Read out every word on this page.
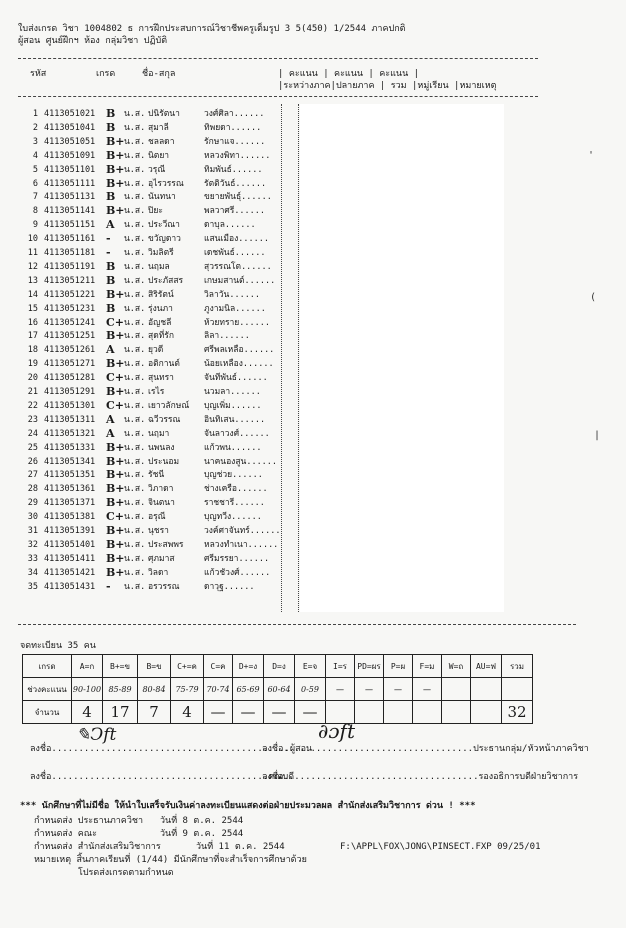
ใบส่งเกรด วิชา 1004802 ธ การฝึกประสบการณ์วิชาชีพครูเต็มรูป 3 5(450) 1/2544 ภาคปกติ
ผู้สอน ศูนย์ฝึกฯ ห้อง กลุ่มวิชา ปฏิบัติ
รหัส	เกรด	ชื่อ-สกุล	| คะแนน | คะแนน | คะแนน |
|ระหว่างภาค|ปลายภาค | รวม |หมู่เรียน |หมายเหตุ
1 4113051021 B น.ส. ปนิรัตนา	วงศ์ศิลา......
2 4113051041 B น.ส. สุมาลี	ทิพยดา......
3 4113051051 B+ น.ส. ชลลดา	รักษาแจ......
4 4113051091 B+ น.ส. นิตยา	หลวงพิทา......
5 4113051101 B+ น.ส. วรุณี	ทิมพันธ์......
6 4113051111 B+ น.ส. อุไรวรรณ รัตติวันธ์......
7 4113051131 B น.ส. นันทนา	ขยายพันธุ์......
8 4113051141 B+ น.ส. ปิยะ	พลวาศรี......
9 4113051151 A น.ส. ประวีณา	ดาบุล......
10 4113051161 - น.ส. ขวัญดาว	แสนเมือง......
11 4113051181 - น.ส. วิมลิตรี	เดชพันธ์......
12 4113051191 B น.ส. นฤมล	สุวรรณโต......
13 4113051211 B น.ส. ประภัสสร เกษมสานต์......
14 4113051221 B+ น.ส. สิริรัตน์	วิลาวัน......
15 4113051231 B น.ส. รุ่งนภา	ภูงามนิล......
16 4113051241 C+ น.ส. อัญชลี	ห้วยทราย......
17 4113051251 B+ น.ส. สุดที่รัก	ลิลา......
18 4113051261 A น.ส. ยุวดี	ศรีพลเหลือ......
19 4113051271 B+ น.ส. อติกานต์	น้อยเหลือง......
20 4113051281 C+ น.ส. สุนทรา	จันทีพันธ์......
21 4113051291 B+ น.ส. เรไร	นวมลา......
22 4113051301 C+ น.ส. เยาวลักษณ์ บุญเพิ่ม......
23 4113051311 A น.ส. ฉวีวรรณ	อินทิเสน......
24 4113051321 A น.ส. นฤมา	จันลาวงศ์......
25 4113051331 B+ น.ส. นพนลง	แก้วพน......
26 4113051341 B+ น.ส. ประนอม	นาคนองสูน......
27 4113051351 B+ น.ส. รัชนี	บุญช่วย......
28 4113051361 B+ น.ส. วิภาดา	ช่างเครือ......
29 4113051371 B+ น.ส. จินตนา	ราชชารี......
30 4113051381 C+ น.ส. อรุณี	บุญทวีง......
31 4113051391 B+ น.ส. นุชรา	วงค์ศาจันทร์......
32 4113051401 B+ น.ส. ประสพพร หลวงทำเนา......
33 4113051411 B+ น.ส. ศุภมาส	ศรีมรรยา......
34 4113051421 B+ น.ส. วิลดา	แก้วชัวงศ์......
35 4113051431 - น.ส. อรวรรณ	ดาวุฐ......
จดทะเบียน 35 คน
เกรด	A=ก	B+=ข	B=ข	C+=ค	C=ค	D+=ง	D=ง	E=จ	I=ร	PD=ผร	P=ผ	F=ม	W=ถ	AU=ฟ	รวม
ช่วงคะแนน	90-100	85-89	80-84	75-79	70-74	65-69	60-64	0-59	—	—	—	—			
จำนวน	4	17	7	4	—	—	—	—							32
ลงชื่อ............................................ผู้สอน
✎Ͻ𝑓𝑡
ลงชื่อ...................................ประธานกลุ่ม/หัวหน้าภาควิชา
∂ɔ𝑓𝑡
ลงชื่อ........................................คณบดี
ลงชื่อ....................................รองอธิการบดีฝ่ายวิชาการ
*** นักศึกษาที่ไม่มีชื่อ ให้นำใบเสร็จรับเงินค่าลงทะเบียนแสดงต่อฝ่ายประมวลผล สำนักส่งเสริมวิชาการ ด่วน ! ***
กำหนดส่ง ประธานภาควิชา วันที่ 8 ต.ค. 2544
กำหนดส่ง คณะ	วันที่ 9 ต.ค. 2544
กำหนดส่ง สำนักส่งเสริมวิชาการ	วันที่ 11 ต.ค. 2544	F:\APPL\FOX\JONG\PINSECT.FXP 09/25/01
หมายเหตุ สิ้นภาคเรียนที่ (1/44) มีนักศึกษาที่จะสำเร็จการศึกษาด้วย
โปรดส่งเกรดตามกำหนด
'
(
|
